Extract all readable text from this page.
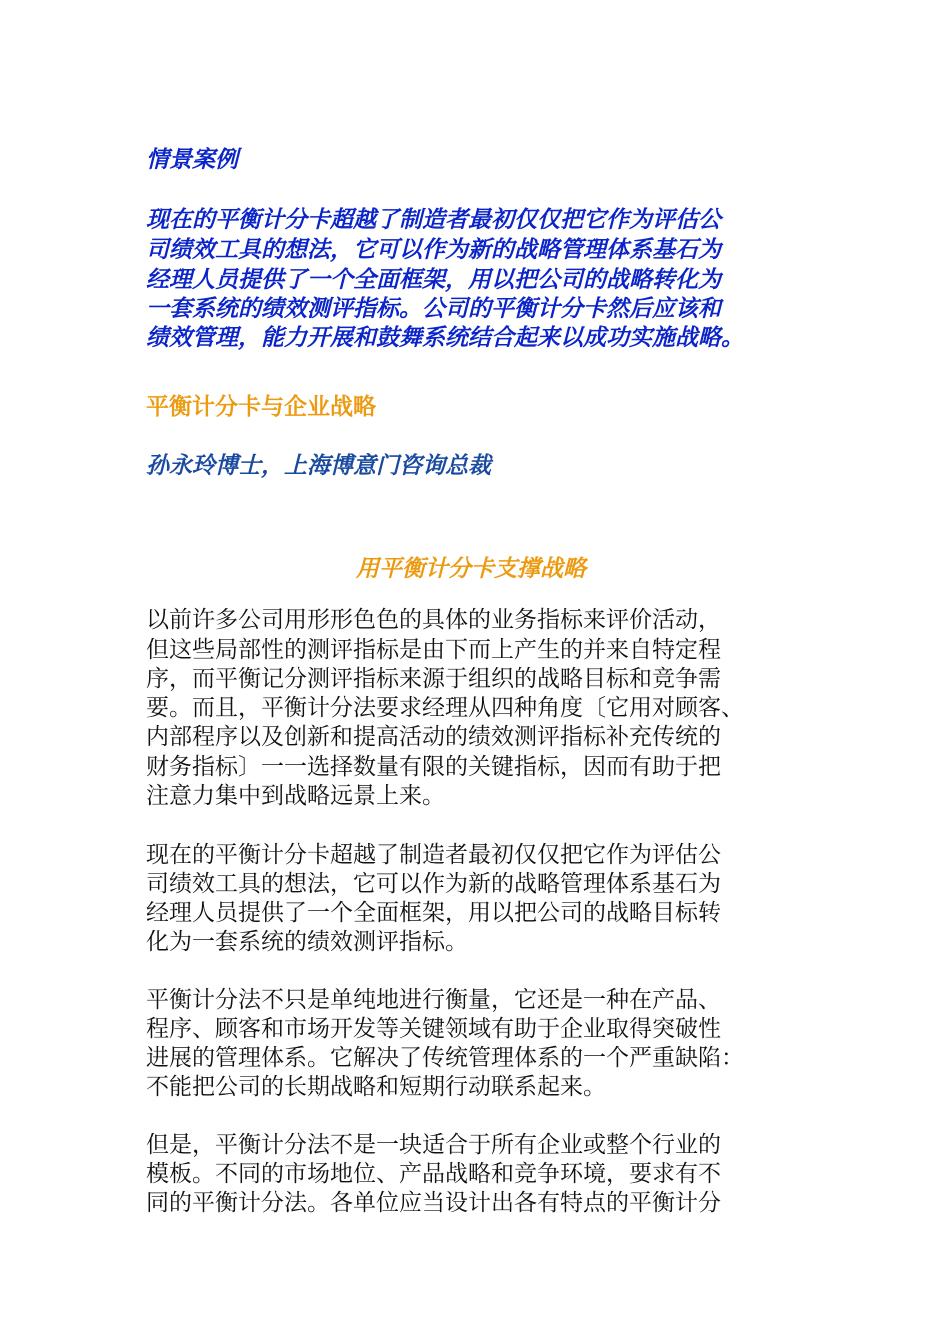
情景案例

现在的平衡计分卡超越了制造者最初仅仅把它作为评估公

司绩效工具的想法，它可以作为新的战略管理体系基石为

经理人员提供了一个全面框架，用以把公司的战略转化为

一套系统的绩效测评指标。公司的平衡计分卡然后应该和

绩效管理，能力开展和鼓舞系统结合起来以成功实施战略。

平衡计分卡与企业战略

孙永玲博士，上海博意门咨询总裁

用平衡计分卡支撑战略

以前许多公司用形形色色的具体的业务指标来评价活动，

但这些局部性的测评指标是由下而上产生的并来自特定程

序，而平衡记分测评指标来源于组织的战略目标和竞争需

要。而且，平衡计分法要求经理从四种角度〔它用对顾客、

内部程序以及创新和提高活动的绩效测评指标补充传统的

财务指标〕一一选择数量有限的关键指标，因而有助于把

注意力集中到战略远景上来。

现在的平衡计分卡超越了制造者最初仅仅把它作为评估公

司绩效工具的想法，它可以作为新的战略管理体系基石为

经理人员提供了一个全面框架，用以把公司的战略目标转

化为一套系统的绩效测评指标。

平衡计分法不只是单纯地进行衡量，它还是一种在产品、

程序、顾客和市场开发等关键领域有助于企业取得突破性

进展的管理体系。它解决了传统管理体系的一个严重缺陷：

不能把公司的长期战略和短期行动联系起来。

但是，平衡计分法不是一块适合于所有企业或整个行业的

模板。不同的市场地位、产品战略和竞争环境，要求有不

同的平衡计分法。各单位应当设计出各有特点的平衡计分
